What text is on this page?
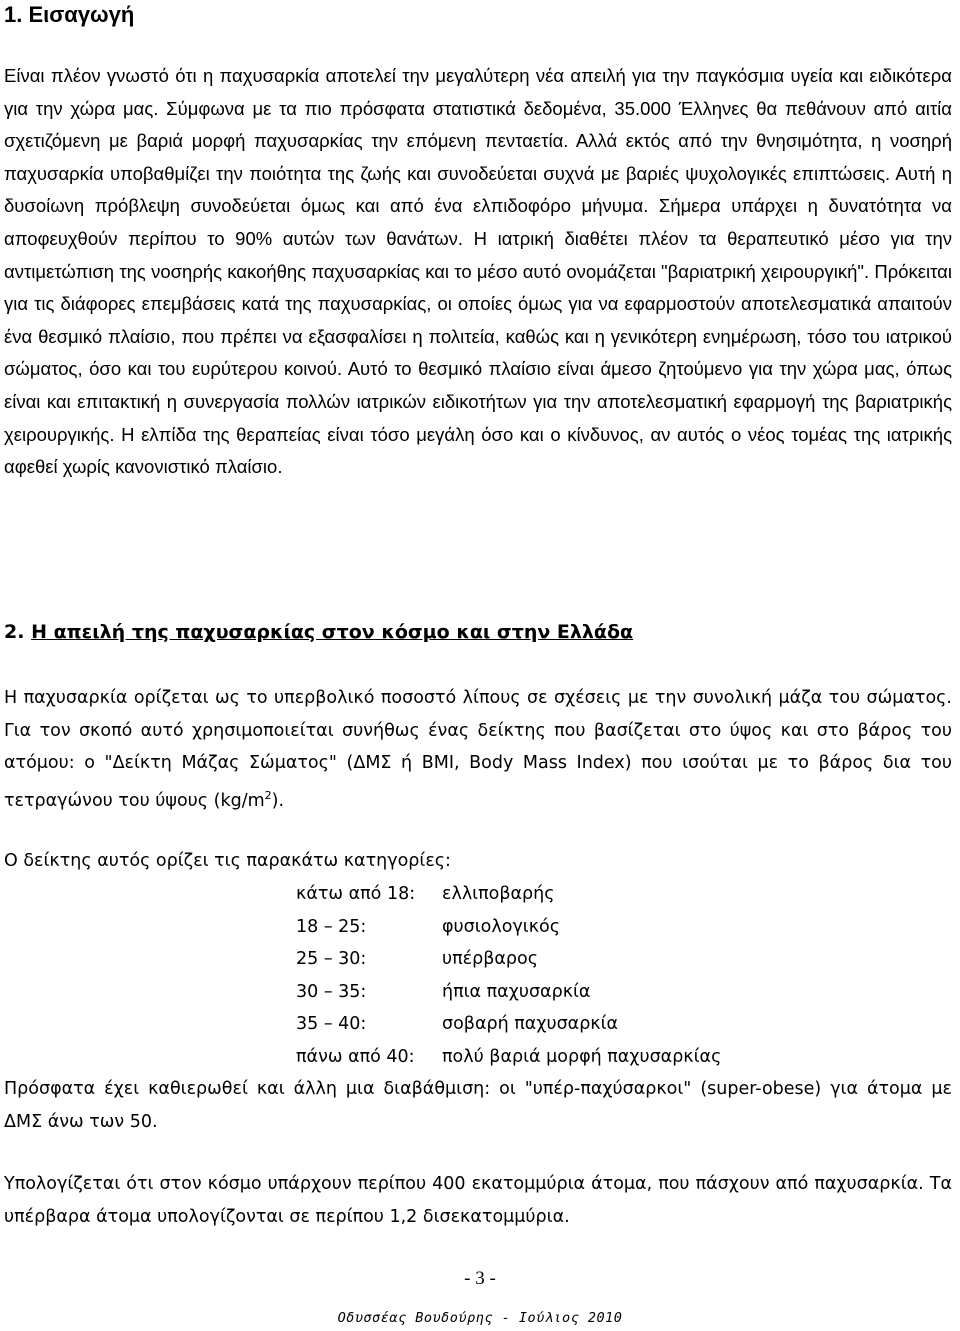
1. Εισαγωγή

Είναι πλέον γνωστό ότι η παχυσαρκία αποτελεί την μεγαλύτερη νέα απειλή για την παγκόσμια υγεία και ειδικότερα για την χώρα μας. Σύμφωνα με τα πιο πρόσφατα στατιστικά δεδομένα, 35.000 Έλληνες θα πεθάνουν από αιτία σχετιζόμενη με βαριά μορφή παχυσαρκίας την επόμενη πενταετία. Αλλά εκτός από την θνησιμότητα, η νοσηρή παχυσαρκία υποβαθμίζει την ποιότητα της ζωής και συνοδεύεται συχνά με βαριές ψυχολογικές επιπτώσεις. Αυτή η δυσοίωνη πρόβλεψη συνοδεύεται όμως και από ένα ελπιδοφόρο μήνυμα. Σήμερα υπάρχει η δυνατότητα να αποφευχθούν περίπου το 90% αυτών των θανάτων. Η ιατρική διαθέτει πλέον τα θεραπευτικό μέσο για την αντιμετώπιση της νοσηρής κακοήθης παχυσαρκίας και το μέσο αυτό ονομάζεται "βαριατρική χειρουργική". Πρόκειται για τις διάφορες επεμβάσεις κατά της παχυσαρκίας, οι οποίες όμως για να εφαρμοστούν αποτελεσματικά απαιτούν ένα θεσμικό πλαίσιο, που πρέπει να εξασφαλίσει η πολιτεία, καθώς και η γενικότερη ενημέρωση, τόσο του ιατρικού σώματος, όσο και του ευρύτερου κοινού. Αυτό το θεσμικό πλαίσιο είναι άμεσο ζητούμενο για την χώρα μας, όπως είναι και επιτακτική η συνεργασία πολλών ιατρικών ειδικοτήτων για την αποτελεσματική εφαρμογή της βαριατρικής χειρουργικής. Η ελπίδα της θεραπείας είναι τόσο μεγάλη όσο και ο κίνδυνος, αν αυτός ο νέος τομέας της ιατρικής αφεθεί χωρίς κανονιστικό πλαίσιο.

2. Η απειλή της παχυσαρκίας στον κόσμο και στην Ελλάδα

Η παχυσαρκία ορίζεται ως το υπερβολικό ποσοστό λίπους σε σχέσεις με την συνολική μάζα του σώματος. Για τον σκοπό αυτό χρησιμοποιείται συνήθως ένας δείκτης που βασίζεται στο ύψος και στο βάρος του ατόμου: ο "Δείκτη Μάζας Σώματος" (ΔΜΣ ή BMI, Body Mass Index) που ισούται με το βάρος δια του τετραγώνου του ύψους $(kg/m^2)$.

Ο δείκτης αυτός ορίζει τις παρακάτω κατηγορίες:

κάτω από 18:	ελλιποβαρής
18 – 25:	φυσιολογικός
25 – 30:	υπέρβαρος
30 – 35:	ήπια παχυσαρκία
35 – 40:	σοβαρή παχυσαρκία
πάνω από 40:	πολύ βαριά μορφή παχυσαρκίας

Πρόσφατα έχει καθιερωθεί και άλλη μια διαβάθμιση: οι "υπέρ-παχύσαρκοι" (super-obese) για άτομα με ΔΜΣ άνω των 50.

Υπολογίζεται ότι στον κόσμο υπάρχουν περίπου 400 εκατομμύρια άτομα, που πάσχουν από παχυσαρκία. Τα υπέρβαρα άτομα υπολογίζονται σε περίπου 1,2 δισεκατομμύρια.

- 3 -
Οδυσσέας Βουδούρης - Ιούλιος 2010
